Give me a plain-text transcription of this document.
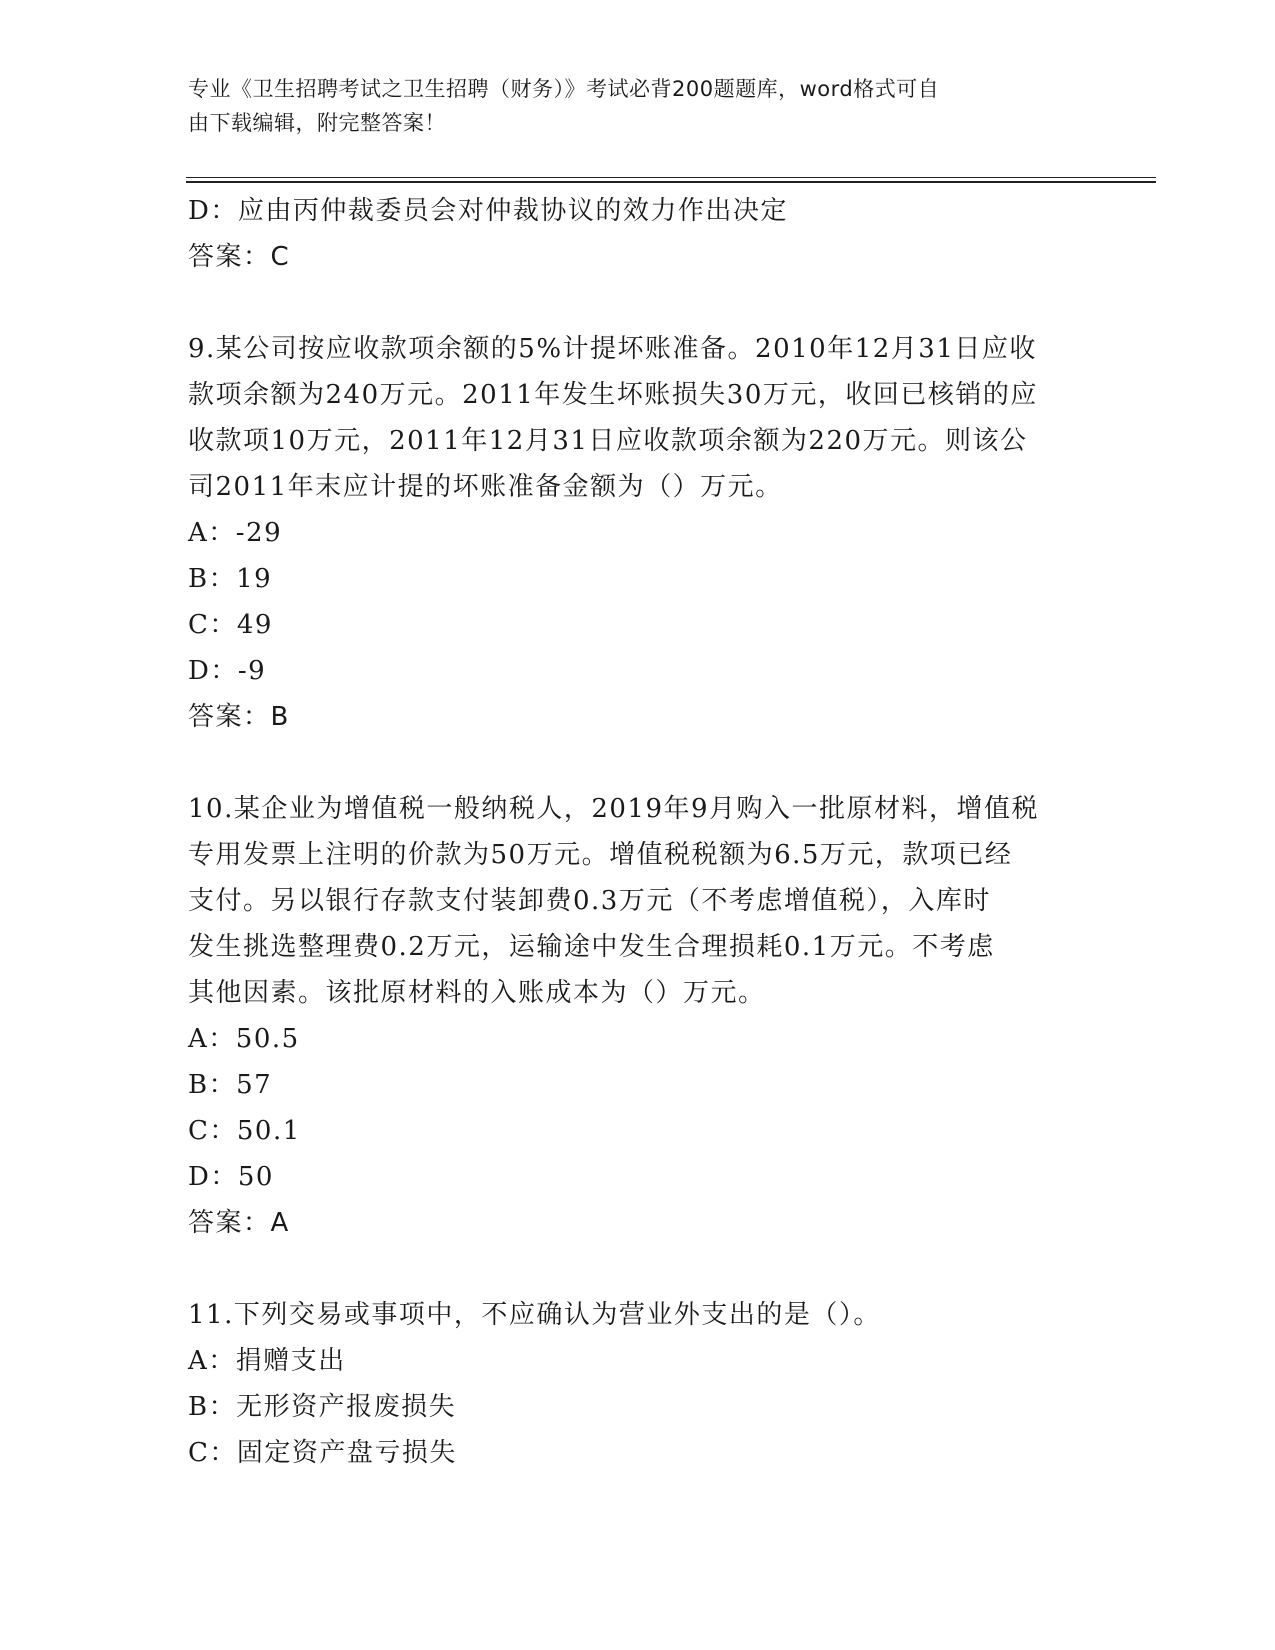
专业《卫生招聘考试之卫生招聘（财务）》考试必背200题题库，word格式可自
由下载编辑，附完整答案！
D：应由丙仲裁委员会对仲裁协议的效力作出决定
答案：C
9.某公司按应收款项余额的5%计提坏账准备。2010年12月31日应收
款项余额为240万元。2011年发生坏账损失30万元，收回已核销的应
收款项10万元，2011年12月31日应收款项余额为220万元。则该公
司2011年末应计提的坏账准备金额为（）万元。
A：-29
B：19
C：49
D：-9
答案：B
10.某企业为增值税一般纳税人，2019年9月购入一批原材料，增值税
专用发票上注明的价款为50万元。增值税税额为6.5万元，款项已经
支付。另以银行存款支付装卸费0.3万元（不考虑增值税），入库时
发生挑选整理费0.2万元，运输途中发生合理损耗0.1万元。不考虑
其他因素。该批原材料的入账成本为（）万元。
A：50.5
B：57
C：50.1
D：50
答案：A
11.下列交易或事项中，不应确认为营业外支出的是（）。
A：捐赠支出
B：无形资产报废损失
C：固定资产盘亏损失
